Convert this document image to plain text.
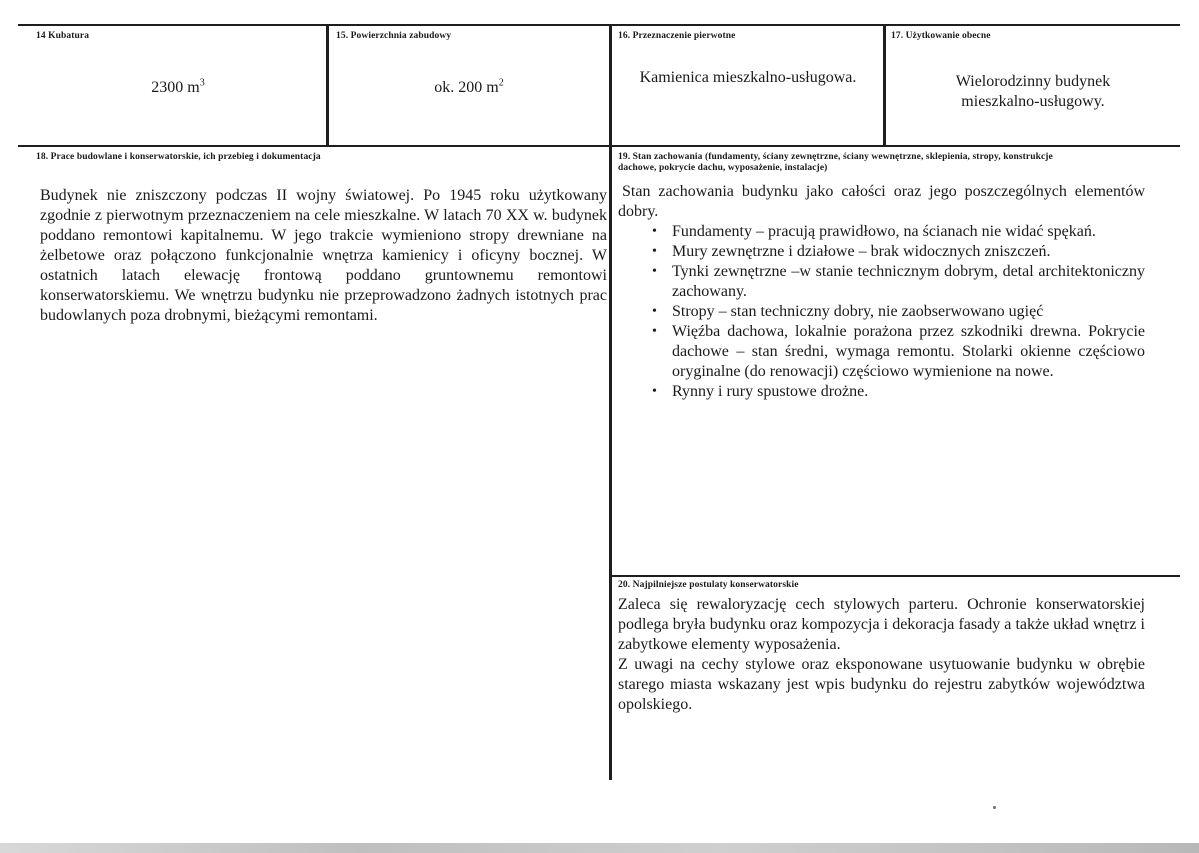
14 Kubatura
2300 $m^3$
15. Powierzchnia zabudowy
ok. 200 $m^2$
16. Przeznaczenie pierwotne
Kamienica mieszkalno-usługowa.
17. Użytkowanie obecne
Wielorodzinny budynek
mieszkalno-usługowy.
18. Prace budowlane i konserwatorskie, ich przebieg i dokumentacja

Budynek nie zniszczony podczas II wojny światowej. Po 1945 roku użytkowany zgodnie z pierwotnym przeznaczeniem na cele mieszkalne. W latach 70 XX w. budynek poddano remontowi kapitalnemu. W jego trakcie wymieniono stropy drewniane na żelbetowe oraz połączono funkcjonalnie wnętrza kamienicy i oficyny bocznej. W ostatnich latach elewację frontową poddano gruntownemu remontowi konserwatorskiemu. We wnętrzu budynku nie przeprowadzono żadnych istotnych prac budowlanych poza drobnymi, bieżącymi remontami.

19. Stan zachowania (fundamenty, ściany zewnętrzne, ściany wewnętrzne, sklepienia, stropy, konstrukcje
dachowe, pokrycie dachu, wyposażenie, instalacje)

Stan zachowania budynku jako całości oraz jego poszczególnych elementów dobry.

• Fundamenty – pracują prawidłowo, na ścianach nie widać spękań.
• Mury zewnętrzne i działowe – brak widocznych zniszczeń.
• Tynki zewnętrzne –w stanie technicznym dobrym, detal architektoniczny zachowany.
• Stropy – stan techniczny dobry, nie zaobserwowano ugięć
• Więźba dachowa, lokalnie porażona przez szkodniki drewna. Pokrycie dachowe – stan średni, wymaga remontu. Stolarki okienne częściowo oryginalne (do renowacji) częściowo wymienione na nowe.
• Rynny i rury spustowe drożne.
20. Najpilniejsze postulaty konserwatorskie

Zaleca się rewaloryzację cech stylowych parteru. Ochronie konserwatorskiej podlega bryła budynku oraz kompozycja i dekoracja fasady a także układ wnętrz i zabytkowe elementy wyposażenia.

Z uwagi na cechy stylowe oraz eksponowane usytuowanie budynku w obrębie starego miasta wskazany jest wpis budynku do rejestru zabytków województwa opolskiego.
